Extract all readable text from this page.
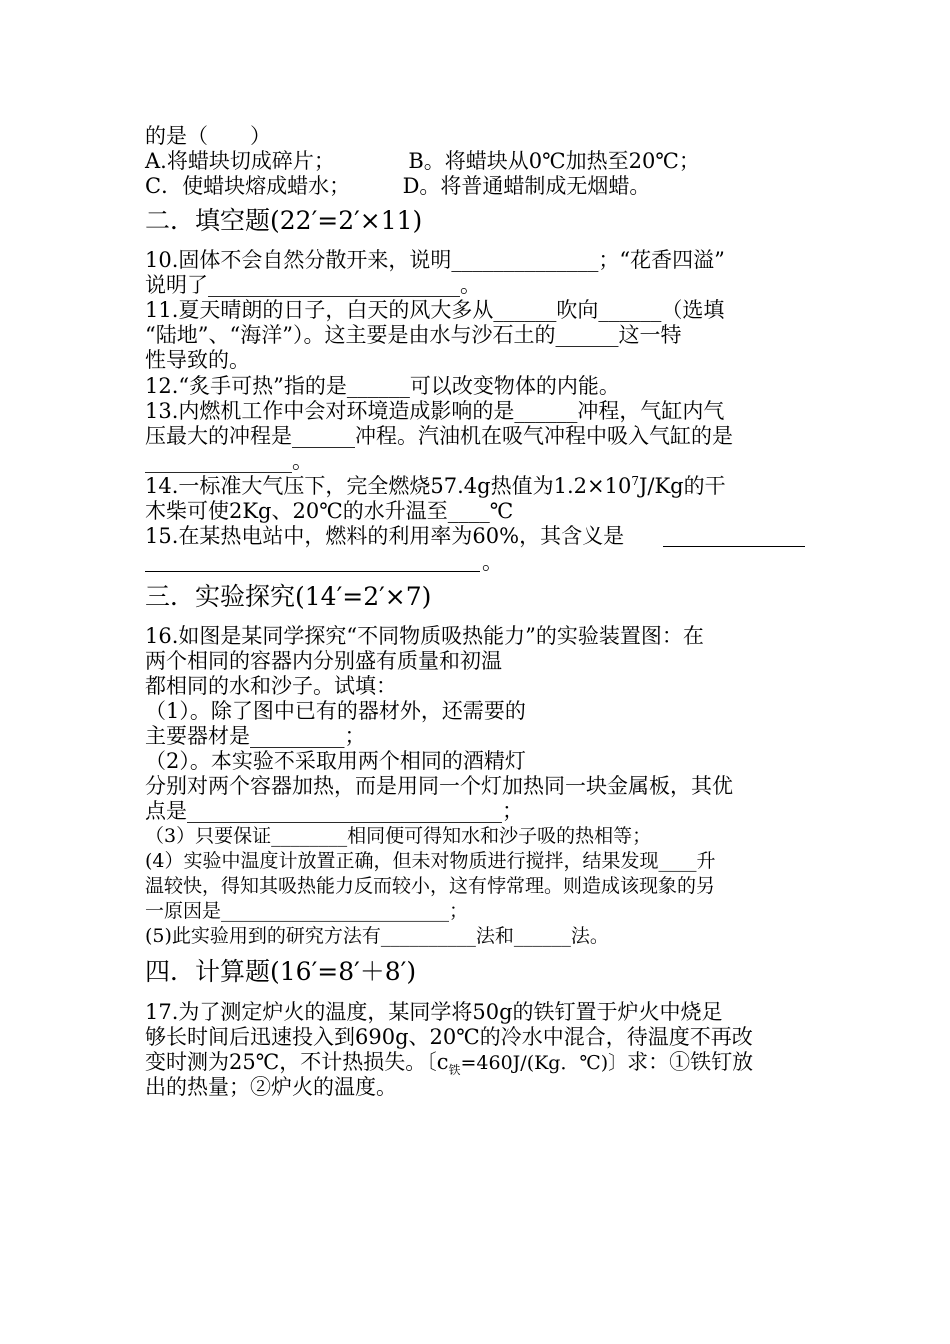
的是（　　）
A.将蜡块切成碎片；　　　　B。将蜡块从0℃加热至20℃；
C．使蜡块熔成蜡水；　　　D。将普通蜡制成无烟蜡。
二．填空题(22′=2′×11)
10.固体不会自然分散开来，说明______________；“花香四溢”
说明了________________________。
11.夏天晴朗的日子，白天的风大多从______吹向______（选填
“陆地”、“海洋”）。这主要是由水与沙石土的______这一特
性导致的。
12.“炙手可热”指的是______可以改变物体的内能。
13.内燃机工作中会对环境造成影响的是______冲程，气缸内气
压最大的冲程是______冲程。汽油机在吸气冲程中吸入气缸的是
______________。
14.一标准大气压下，完全燃烧57.4g热值为$1.2\times 10^7J/Kg$的干
木柴可使2Kg、20℃的水升温至____℃
15.在某热电站中，燃料的利用率为60%，其含义是
。
三．实验探究(14′=2′×7)
16.如图是某同学探究“不同物质吸热能力”的实验装置图：在
两个相同的容器内分别盛有质量和初温
都相同的水和沙子。试填：
（1）。除了图中已有的器材外，还需要的
主要器材是_________；
（2）。本实验不采取用两个相同的酒精灯
分别对两个容器加热，而是用同一个灯加热同一块金属板，其优
点是______________________________；
（3）只要保证________相同便可得知水和沙子吸的热相等；
(4）实验中温度计放置正确，但未对物质进行搅拌，结果发现____升
温较快，得知其吸热能力反而较小，这有悖常理。则造成该现象的另
一原因是________________________；
(5)此实验用到的研究方法有__________法和______法。
四．计算题(16′=8′＋8′)
17.为了测定炉火的温度，某同学将50g的铁钉置于炉火中烧足
够长时间后迅速投入到690g、20℃的冷水中混合，待温度不再改
变时测为25℃，不计热损失。〔$c_铁=460J/(Kg$．℃)〕求：①铁钉放
出的热量；②炉火的温度。
